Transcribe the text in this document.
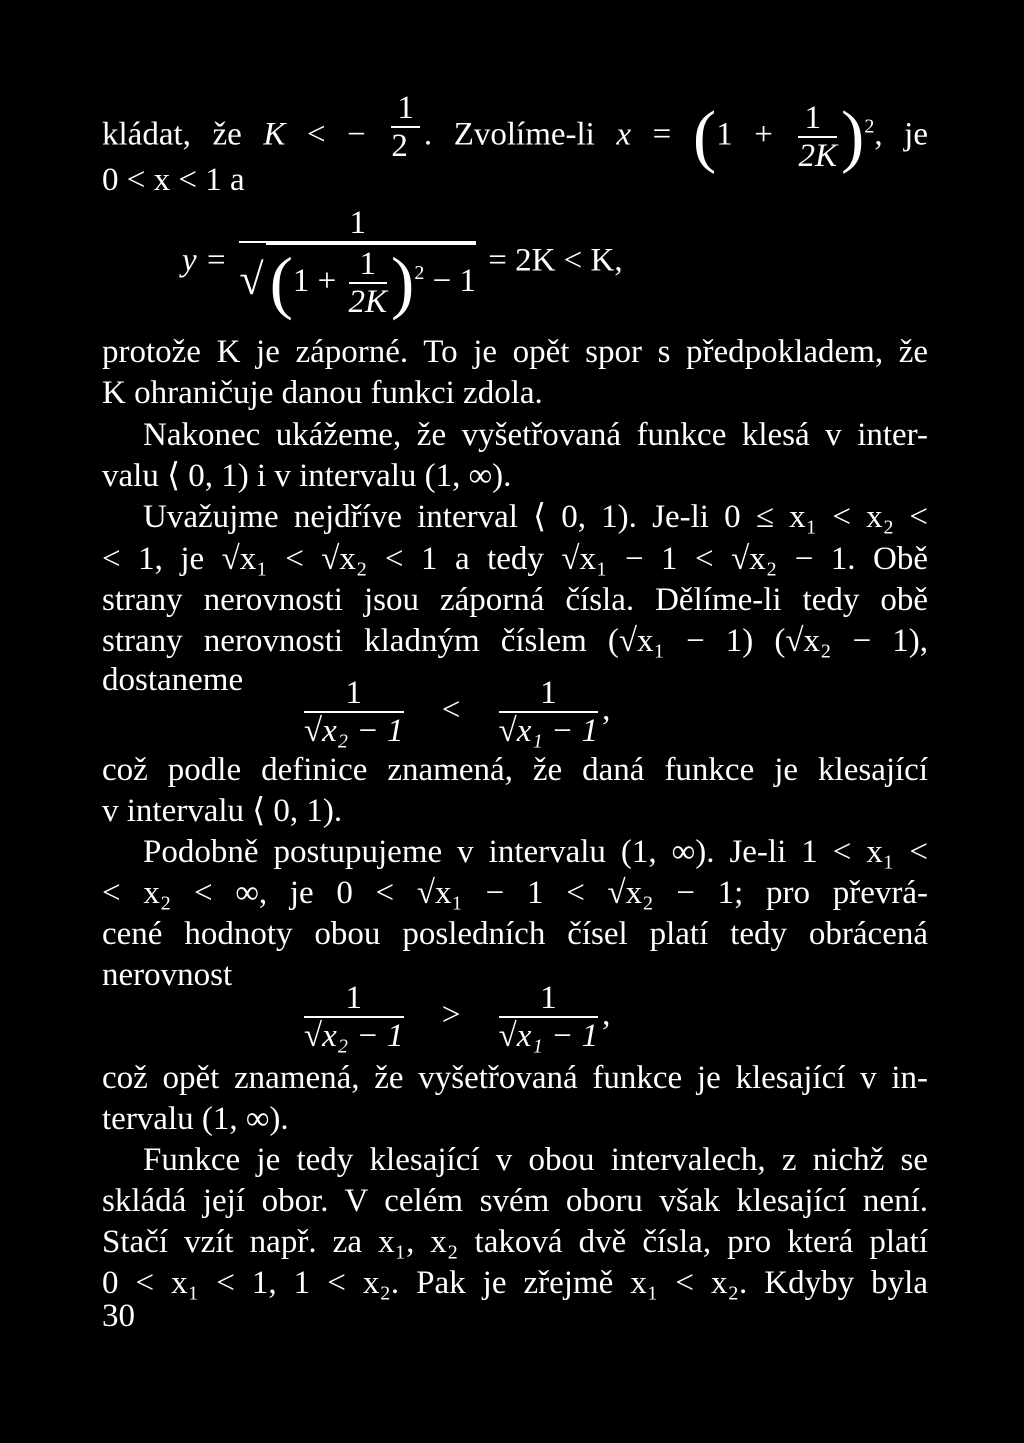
kládat, že K < − $\frac{1}{2}$ . Zvolíme-li $x = (1 + \frac{1}{2K} )^2$, je
0 < x < 1 a
$y = \frac{1}{√(1 + \frac{1}{2K} )^2 - 1} = 2K < K$,
protože K je záporné. To je opět spor s předpokladem, že
K ohraničuje danou funkci zdola.
Nakonec ukážeme, že vyšetřovaná funkce klesá v inter-
valu ⟨ 0, 1) i v intervalu (1, ∞).
Uvažujme nejdříve interval ⟨ 0, 1). Je-li 0 ≤ x₁ < x₂ <
< 1, je √x₁ < √x₂ < 1 a tedy √x₁ − 1 < √x₂ − 1. Obě
strany nerovnosti jsou záporná čísla. Dělíme-li tedy obě
strany nerovnosti kladným číslem (√x₁ − 1) (√x₂ − 1),
dostaneme	$\frac{1}{\text{√x₂ − 1}} < \frac{1}{\text{√x₁ − 1}}$ ,
což podle definice znamená, že daná funkce je klesající
v intervalu ⟨ 0, 1).
Podobně postupujeme v intervalu (1, ∞). Je-li 1 < x₁ <
< x₂ < ∞, je 0 < √x₁ − 1 < √x₂ − 1; pro převrá-
cené hodnoty obou posledních čísel platí tedy obrácená
nerovnost
$\frac{1}{\text{√x₂ − 1}} > \frac{1}{\text{√x₁ − 1}}$ ,
což opět znamená, že vyšetřovaná funkce je klesající v in-
tervalu (1, ∞).
Funkce je tedy klesající v obou intervalech, z nichž se
skládá její obor. V celém svém oboru však klesající není.
Stačí vzít např. za x₁, x₂ taková dvě čísla, pro která platí
0 < x₁ < 1, 1 < x₂. Pak je zřejmě x₁ < x₂. Kdyby byla
30
